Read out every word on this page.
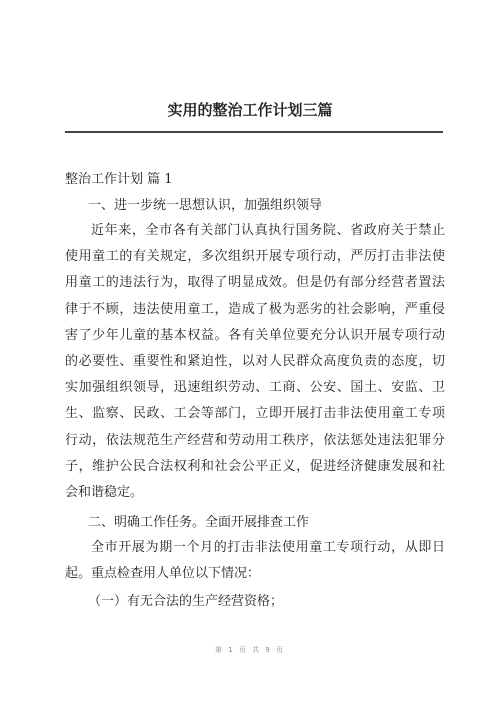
实用的整治工作计划三篇
整治工作计划 篇 1
一、进一步统一思想认识，加强组织领导
近年来，全市各有关部门认真执行国务院、省政府关于禁止
使用童工的有关规定，多次组织开展专项行动，严厉打击非法使
用童工的违法行为，取得了明显成效。但是仍有部分经营者置法
律于不顾，违法使用童工，造成了极为恶劣的社会影响，严重侵
害了少年儿童的基本权益。各有关单位要充分认识开展专项行动
的必要性、重要性和紧迫性，以对人民群众高度负责的态度，切
实加强组织领导，迅速组织劳动、工商、公安、国土、安监、卫
生、监察、民政、工会等部门，立即开展打击非法使用童工专项
行动，依法规范生产经营和劳动用工秩序，依法惩处违法犯罪分
子，维护公民合法权利和社会公平正义，促进经济健康发展和社
会和谐稳定。
二、明确工作任务。全面开展排查工作
全市开展为期一个月的打击非法使用童工专项行动，从即日
起。重点检查用人单位以下情况：
（一）有无合法的生产经营资格；
第 1 页 共 9 页
